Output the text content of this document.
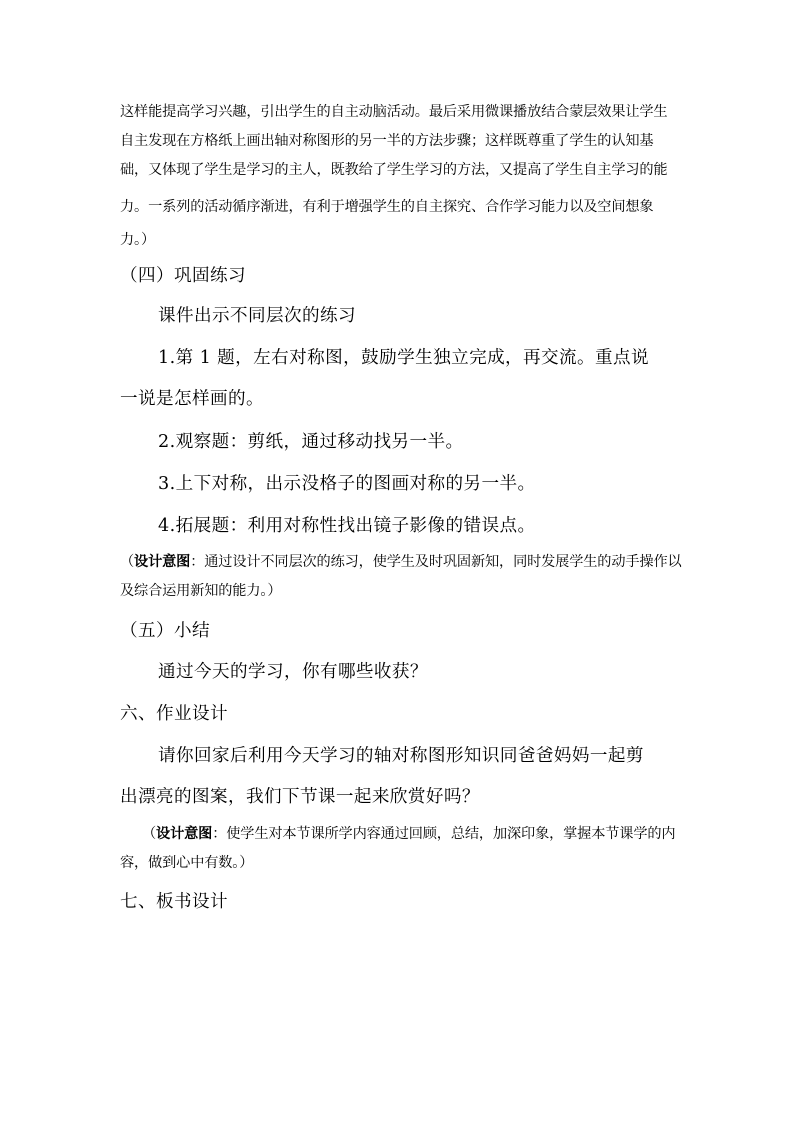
这样能提高学习兴趣，引出学生的自主动脑活动。最后采用微课播放结合蒙层效果让学生
自主发现在方格纸上画出轴对称图形的另一半的方法步骤；这样既尊重了学生的认知基
础，又体现了学生是学习的主人，既教给了学生学习的方法，又提高了学生自主学习的能
力。一系列的活动循序渐进，有利于增强学生的自主探究、合作学习能力以及空间想象
力。）
（四）巩固练习
课件出示不同层次的练习
1.第 1 题，左右对称图，鼓励学生独立完成，再交流。重点说
一说是怎样画的。
2.观察题：剪纸，通过移动找另一半。
3.上下对称，出示没格子的图画对称的另一半。
4.拓展题：利用对称性找出镜子影像的错误点。
（设计意图：通过设计不同层次的练习，使学生及时巩固新知，同时发展学生的动手操作以
及综合运用新知的能力。）
（五）小结
通过今天的学习，你有哪些收获？
六、作业设计
请你回家后利用今天学习的轴对称图形知识同爸爸妈妈一起剪
出漂亮的图案，我们下节课一起来欣赏好吗？
（设计意图：使学生对本节课所学内容通过回顾，总结，加深印象，掌握本节课学的内
容，做到心中有数。）
七、板书设计
